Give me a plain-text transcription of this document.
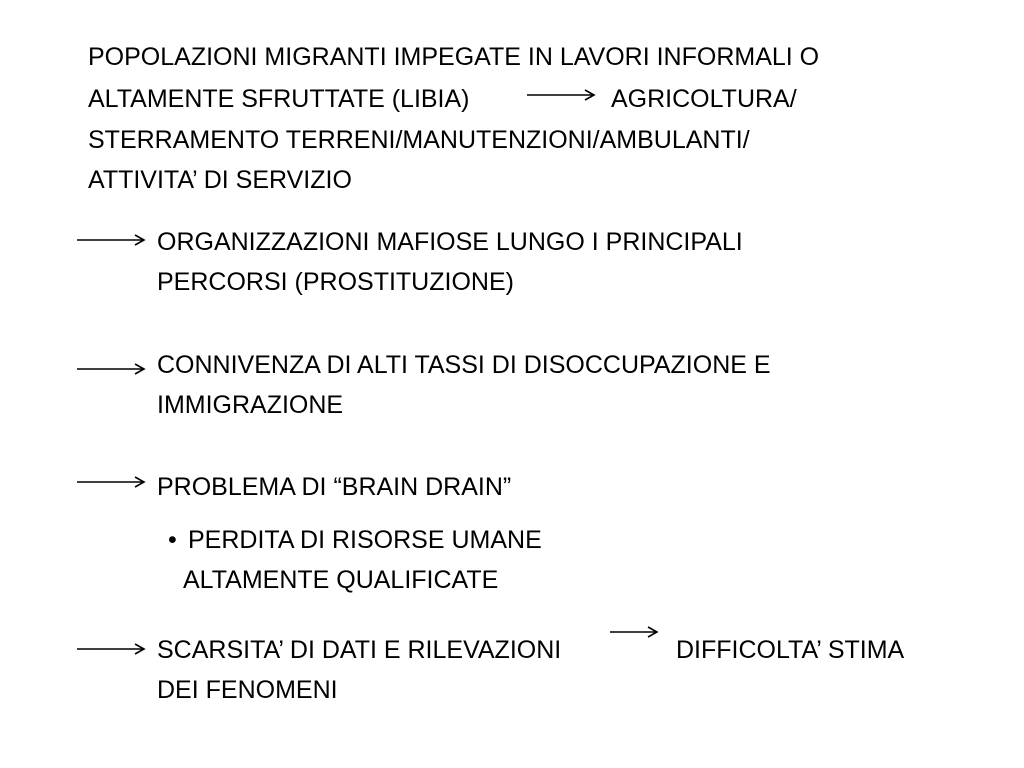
POPOLAZIONI MIGRANTI IMPEGATE IN LAVORI INFORMALI O

ALTAMENTE SFRUTTATE (LIBIA)	AGRICOLTURA/

STERRAMENTO TERRENI/MANUTENZIONI/AMBULANTI/

ATTIVITA’ DI SERVIZIO

ORGANIZZAZIONI MAFIOSE LUNGO I PRINCIPALI

PERCORSI (PROSTITUZIONE)

CONNIVENZA DI ALTI TASSI DI DISOCCUPAZIONE E

IMMIGRAZIONE

PROBLEMA DI “BRAIN DRAIN”

• PERDITA DI RISORSE UMANE

ALTAMENTE QUALIFICATE

SCARSITA’ DI DATI E RILEVAZIONI	DIFFICOLTA’ STIMA

DEI FENOMENI
